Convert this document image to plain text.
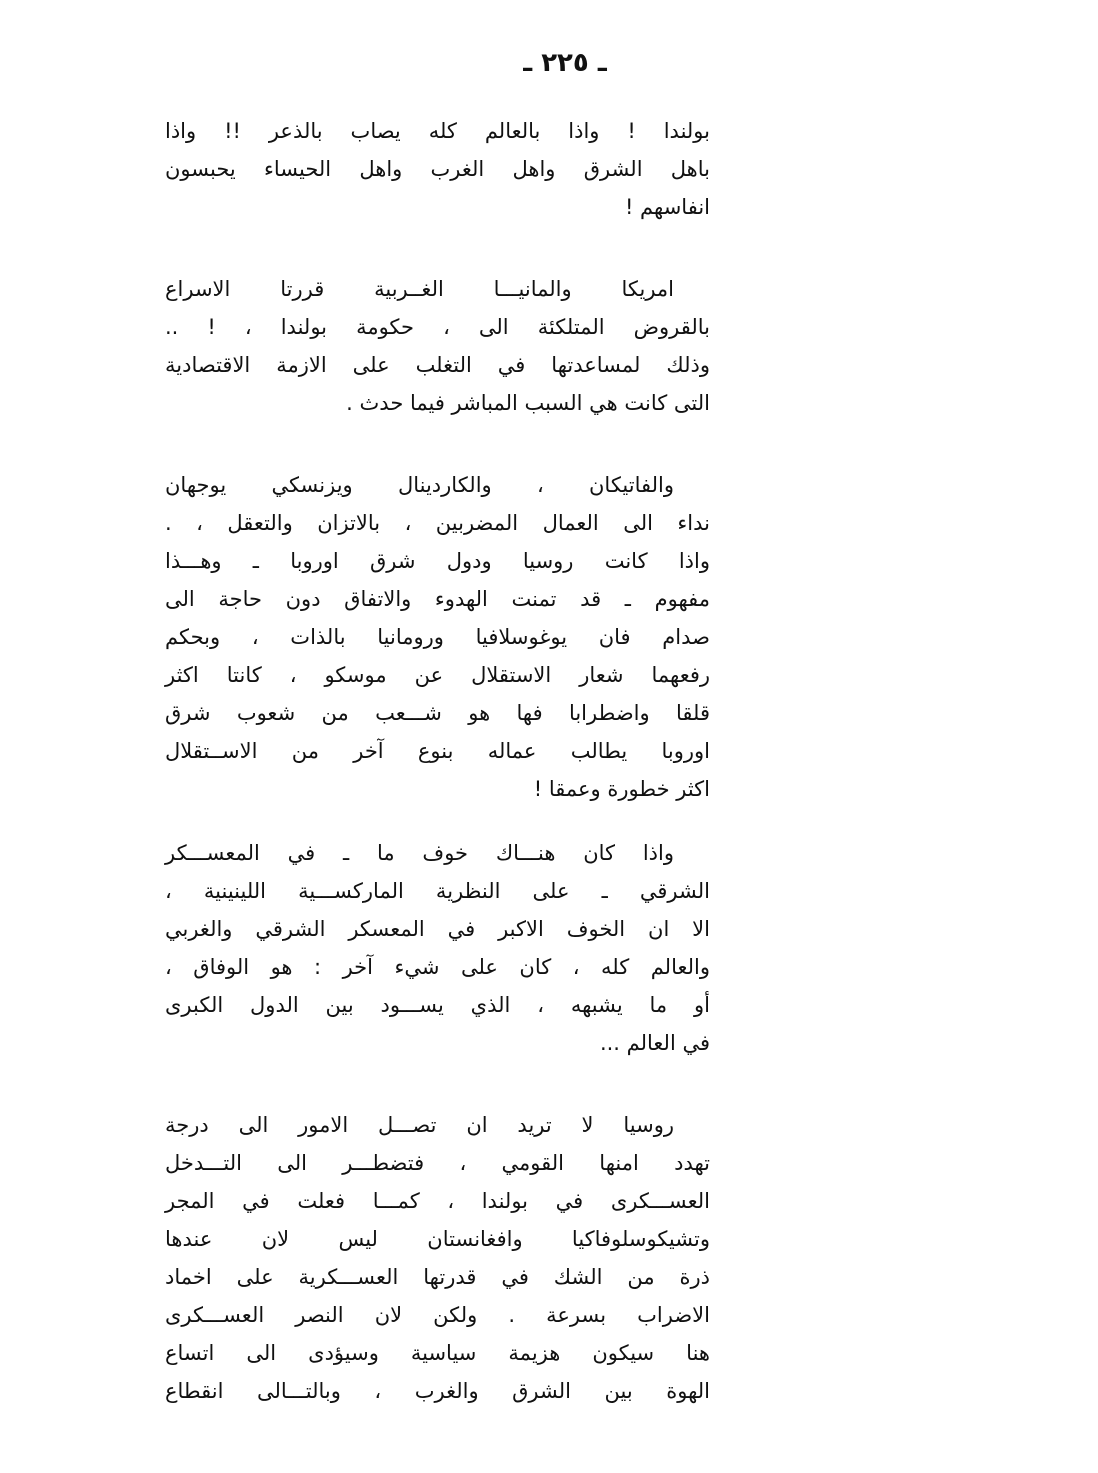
ـ ٢٢٥ ـ

بولندا ! واذا بالعالم كله يصاب بالذعر !! واذا
باهل الشرق واهل الغرب واهل الحيساء يحبسون
انفاسهم !

امريكا والمانيـــا الغــربية قررتا الاسراع
بالقروض المتلكئة الى ، حكومة بولندا ، ! ..
وذلك لمساعدتها في التغلب على الازمة الاقتصادية
التى كانت هي السبب المباشر فيما حدث .

والفاتيكان ، والكاردينال ويزنسكي يوجهان
نداء الى العمال المضربين ، بالاتزان والتعقل ، .
واذا كانت روسيا ودول شرق اوروبا ـ وهـــذا
مفهوم ـ قد تمنت الهدوء والاتفاق دون حاجة الى
صدام فان يوغوسلافيا ورومانيا بالذات ، وبحكم
رفعهما شعار الاستقلال عن موسكو ، كانتا اكثر
قلقا واضطرابا فها هو شـــعب من شعوب شرق
اوروبا يطالب عماله بنوع آخر من الاســتقلال
اكثر خطورة وعمقا !

واذا كان هنـــاك خوف ما ـ في المعســـكر
الشرقي ـ على النظرية الماركســـية اللينينية ،
الا ان الخوف الاكبر في المعسكر الشرقي والغربي
والعالم كله ، كان على شيء آخر : هو الوفاق ،
أو ما يشبهه ، الذي يســـود بين الدول الكبرى
في العالم ...

روسيا لا تريد ان تصـــل الامور الى درجة
تهدد امنها القومي ، فتضطـــر الى التـــدخل
العســـكرى في بولندا ، كمـــا فعلت في المجر
وتشيكوسلوفاكيا وافغانستان ليس لان عندها
ذرة من الشك في قدرتها العســـكرية على اخماد
الاضراب بسرعة . ولكن لان النصر العســـكرى
هنا سيكون هزيمة سياسية وسيؤدى الى اتساع
الهوة بين الشرق والغرب ، وبالتـــالى انقطاع
